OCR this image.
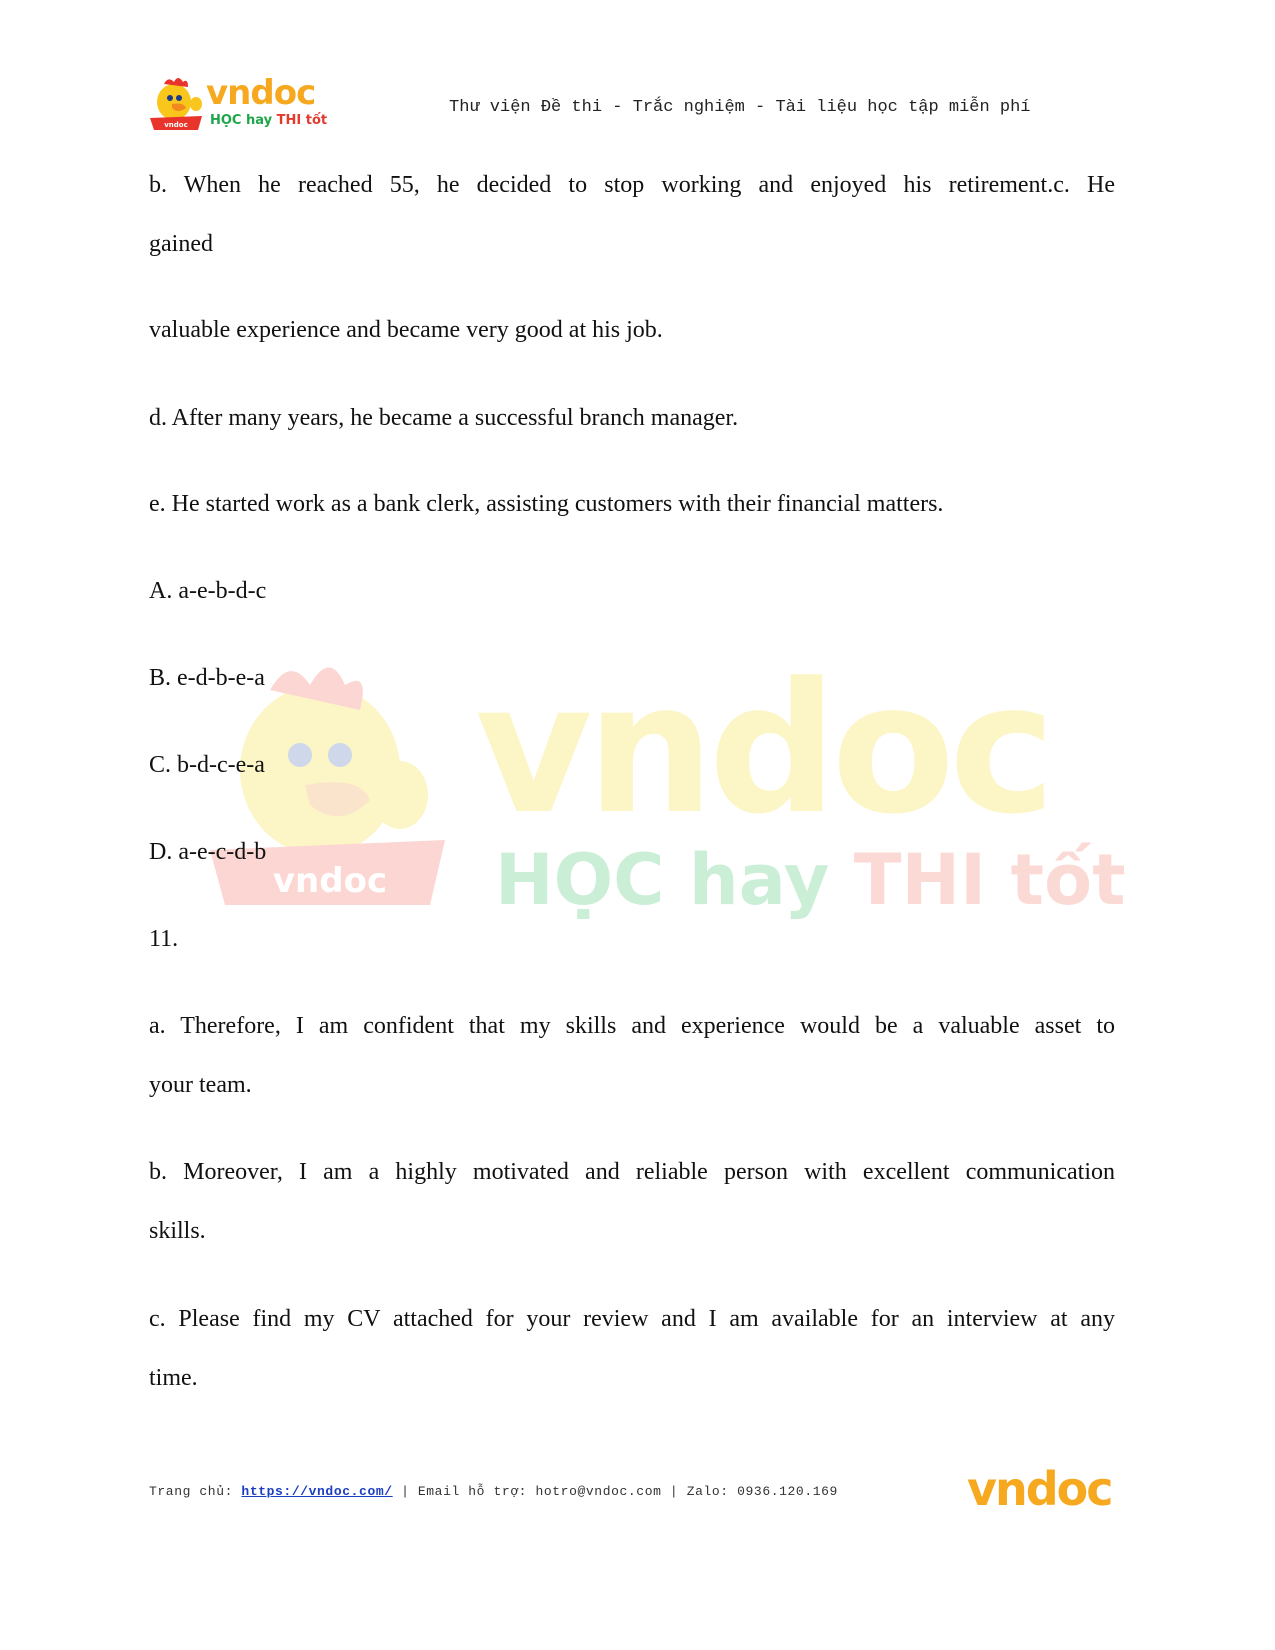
vndoc
vndoc
HỌC hay THI tốt
Thư viện Đề thi - Trắc nghiệm - Tài liệu học tập miễn phí
vndoc
vndoc
HỌC hay THI tốt
b. When he reached 55, he decided to stop working and enjoyed his retirement.c. He
gained
valuable experience and became very good at his job.
d. After many years, he became a successful branch manager.
e. He started work as a bank clerk, assisting customers with their financial matters.
A. a-e-b-d-c
B. e-d-b-e-a
C. b-d-c-e-a
D. a-e-c-d-b
11.
a. Therefore, I am confident that my skills and experience would be a valuable asset to
your team.
b. Moreover, I am a highly motivated and reliable person with excellent communication
skills.
c. Please find my CV attached for your review and I am available for an interview at any
time.
Trang chủ: https://vndoc.com/ | Email hỗ trợ: hotro@vndoc.com | Zalo: 0936.120.169	vndoc
